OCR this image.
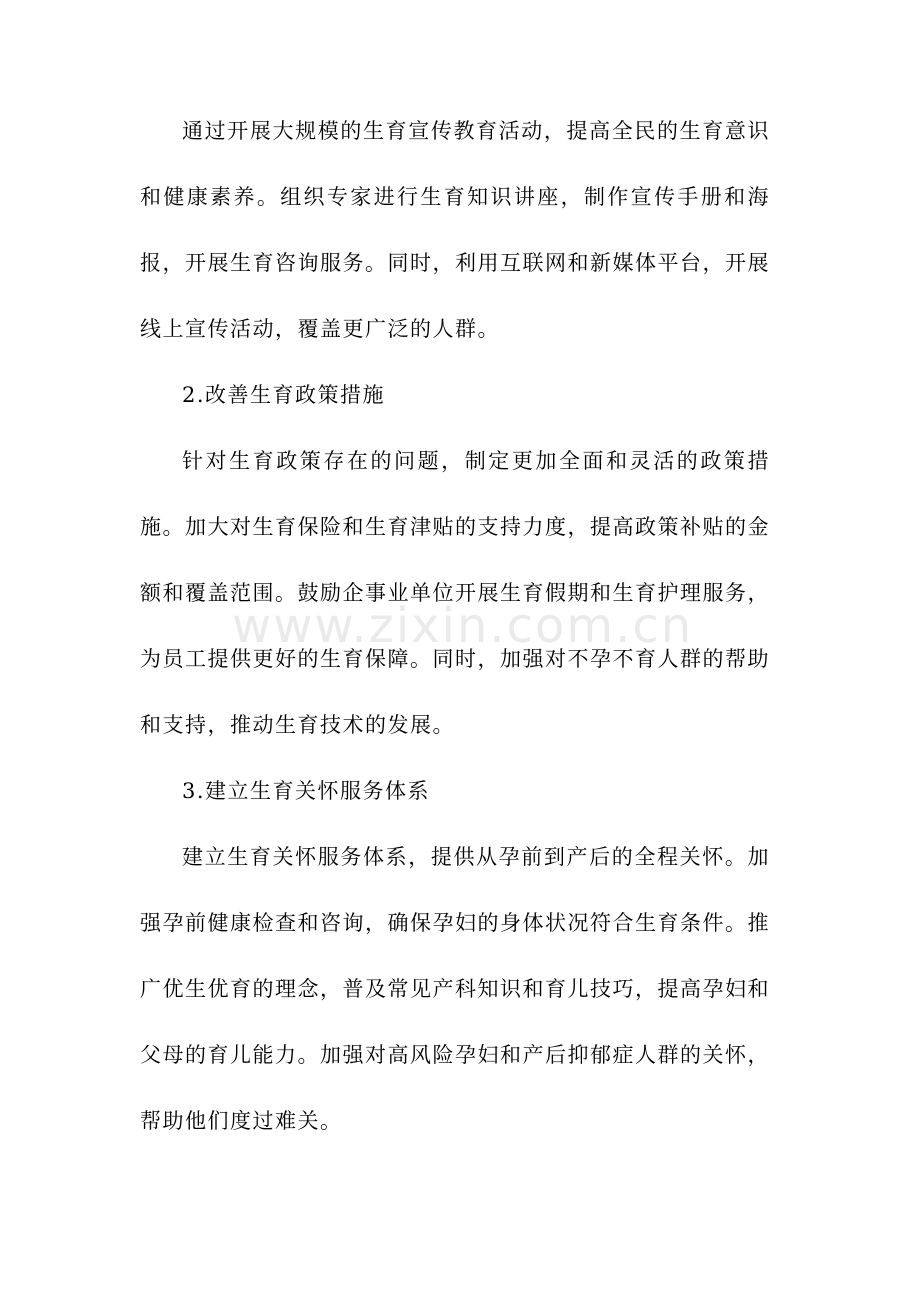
通过开展大规模的生育宣传教育活动，提高全民的生育意识和健康素养。组织专家进行生育知识讲座，制作宣传手册和海报，开展生育咨询服务。同时，利用互联网和新媒体平台，开展线上宣传活动，覆盖更广泛的人群。

2.改善生育政策措施

针对生育政策存在的问题，制定更加全面和灵活的政策措施。加大对生育保险和生育津贴的支持力度，提高政策补贴的金额和覆盖范围。鼓励企事业单位开展生育假期和生育护理服务，为员工提供更好的生育保障。同时，加强对不孕不育人群的帮助和支持，推动生育技术的发展。

3.建立生育关怀服务体系

建立生育关怀服务体系，提供从孕前到产后的全程关怀。加强孕前健康检查和咨询，确保孕妇的身体状况符合生育条件。推广优生优育的理念，普及常见产科知识和育儿技巧，提高孕妇和父母的育儿能力。加强对高风险孕妇和产后抑郁症人群的关怀，帮助他们度过难关。

www.zixin.com.cn
